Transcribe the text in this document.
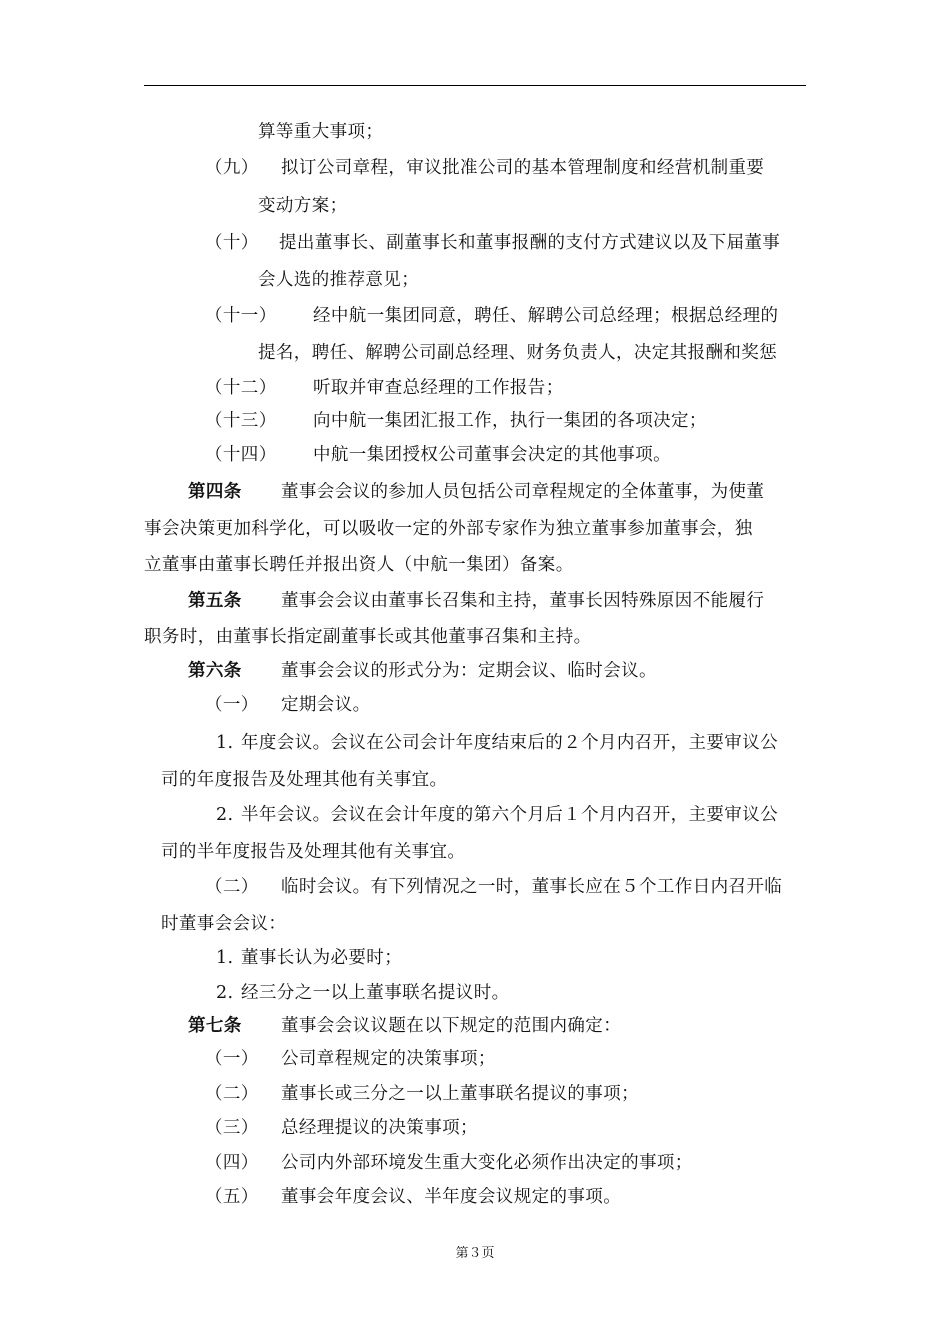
算等重大事项；
（九） 拟订公司章程，审议批准公司的基本管理制度和经营机制重要
变动方案；
（十） 提出董事长、副董事长和董事报酬的支付方式建议以及下届董事
会人选的推荐意见；
（十一） 经中航一集团同意，聘任、解聘公司总经理；根据总经理的
提名，聘任、解聘公司副总经理、财务负责人，决定其报酬和奖惩
（十二） 听取并审查总经理的工作报告；
（十三） 向中航一集团汇报工作，执行一集团的各项决定；
（十四） 中航一集团授权公司董事会决定的其他事项。
第四条 董事会会议的参加人员包括公司章程规定的全体董事，为使董
事会决策更加科学化，可以吸收一定的外部专家作为独立董事参加董事会，独
立董事由董事长聘任并报出资人（中航一集团）备案。
第五条 董事会会议由董事长召集和主持，董事长因特殊原因不能履行
职务时，由董事长指定副董事长或其他董事召集和主持。
第六条 董事会会议的形式分为：定期会议、临时会议。
（一） 定期会议。
1. 年度会议。会议在公司会计年度结束后的２个月内召开，主要审议公
司的年度报告及处理其他有关事宜。
2. 半年会议。会议在会计年度的第六个月后１个月内召开，主要审议公
司的半年度报告及处理其他有关事宜。
（二） 临时会议。有下列情况之一时，董事长应在５个工作日内召开临
时董事会会议：
1. 董事长认为必要时；
2. 经三分之一以上董事联名提议时。
第七条 董事会会议议题在以下规定的范围内确定：
（一） 公司章程规定的决策事项；
（二） 董事长或三分之一以上董事联名提议的事项；
（三） 总经理提议的决策事项；
（四） 公司内外部环境发生重大变化必须作出决定的事项；
（五） 董事会年度会议、半年度会议规定的事项。
第３页
